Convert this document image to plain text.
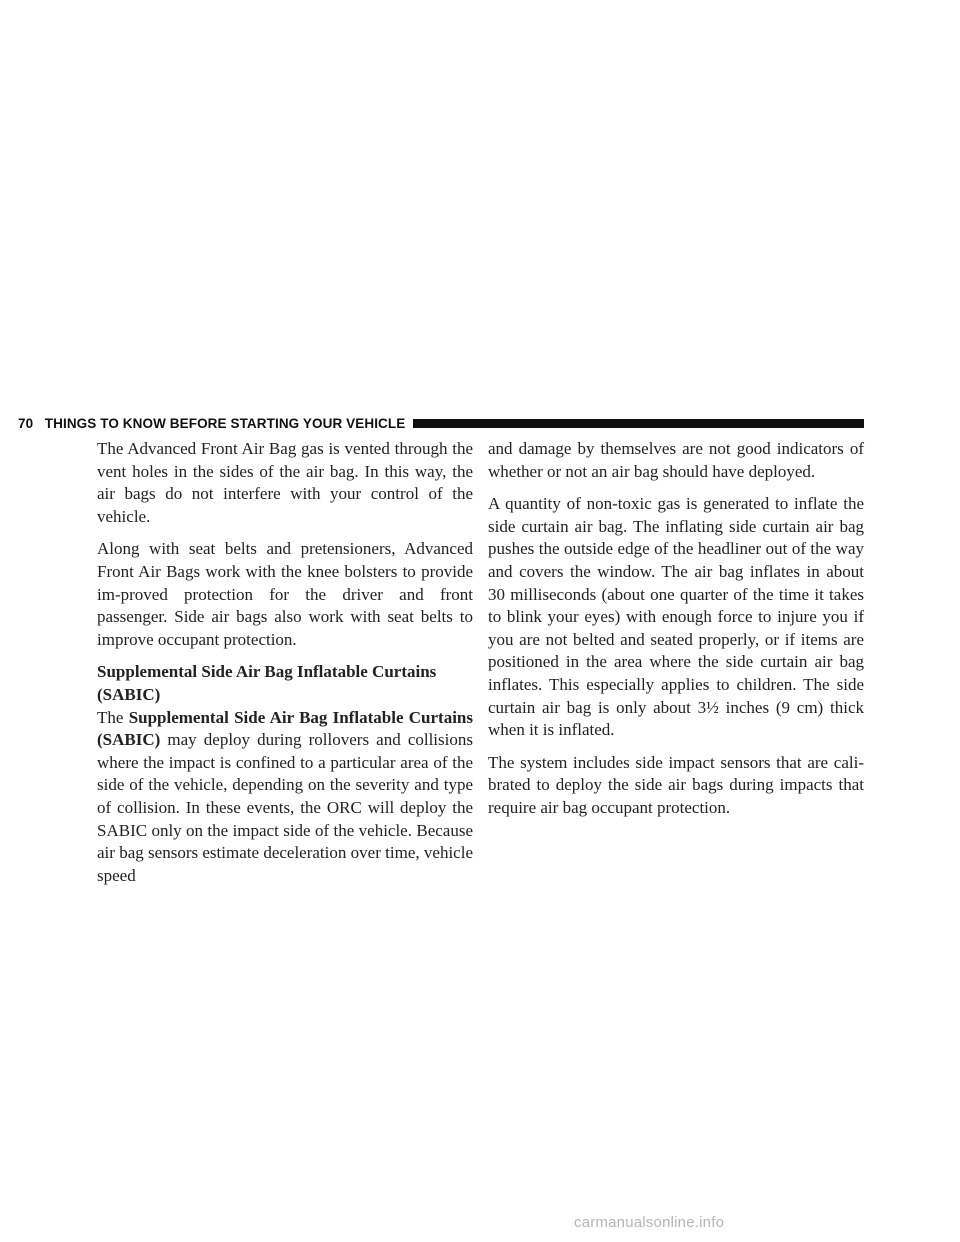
70 THINGS TO KNOW BEFORE STARTING YOUR VEHICLE

The Advanced Front Air Bag gas is vented through the vent holes in the sides of the air bag. In this way, the air bags do not interfere with your control of the vehicle.

Along with seat belts and pretensioners, Advanced Front Air Bags work with the knee bolsters to provide im-proved protection for the driver and front passenger. Side air bags also work with seat belts to improve occupant protection.

Supplemental Side Air Bag Inflatable Curtains
(SABIC)

The Supplemental Side Air Bag Inflatable Curtains (SABIC) may deploy during rollovers and collisions where the impact is confined to a particular area of the side of the vehicle, depending on the severity and type of collision. In these events, the ORC will deploy the SABIC only on the impact side of the vehicle. Because air bag sensors estimate deceleration over time, vehicle speed

and damage by themselves are not good indicators of whether or not an air bag should have deployed.

A quantity of non-toxic gas is generated to inflate the side curtain air bag. The inflating side curtain air bag pushes the outside edge of the headliner out of the way and covers the window. The air bag inflates in about 30 milliseconds (about one quarter of the time it takes to blink your eyes) with enough force to injure you if you are not belted and seated properly, or if items are positioned in the area where the side curtain air bag inflates. This especially applies to children. The side curtain air bag is only about 3½ inches (9 cm) thick when it is inflated.

The system includes side impact sensors that are cali-brated to deploy the side air bags during impacts that require air bag occupant protection.

carmanualsonline.info
